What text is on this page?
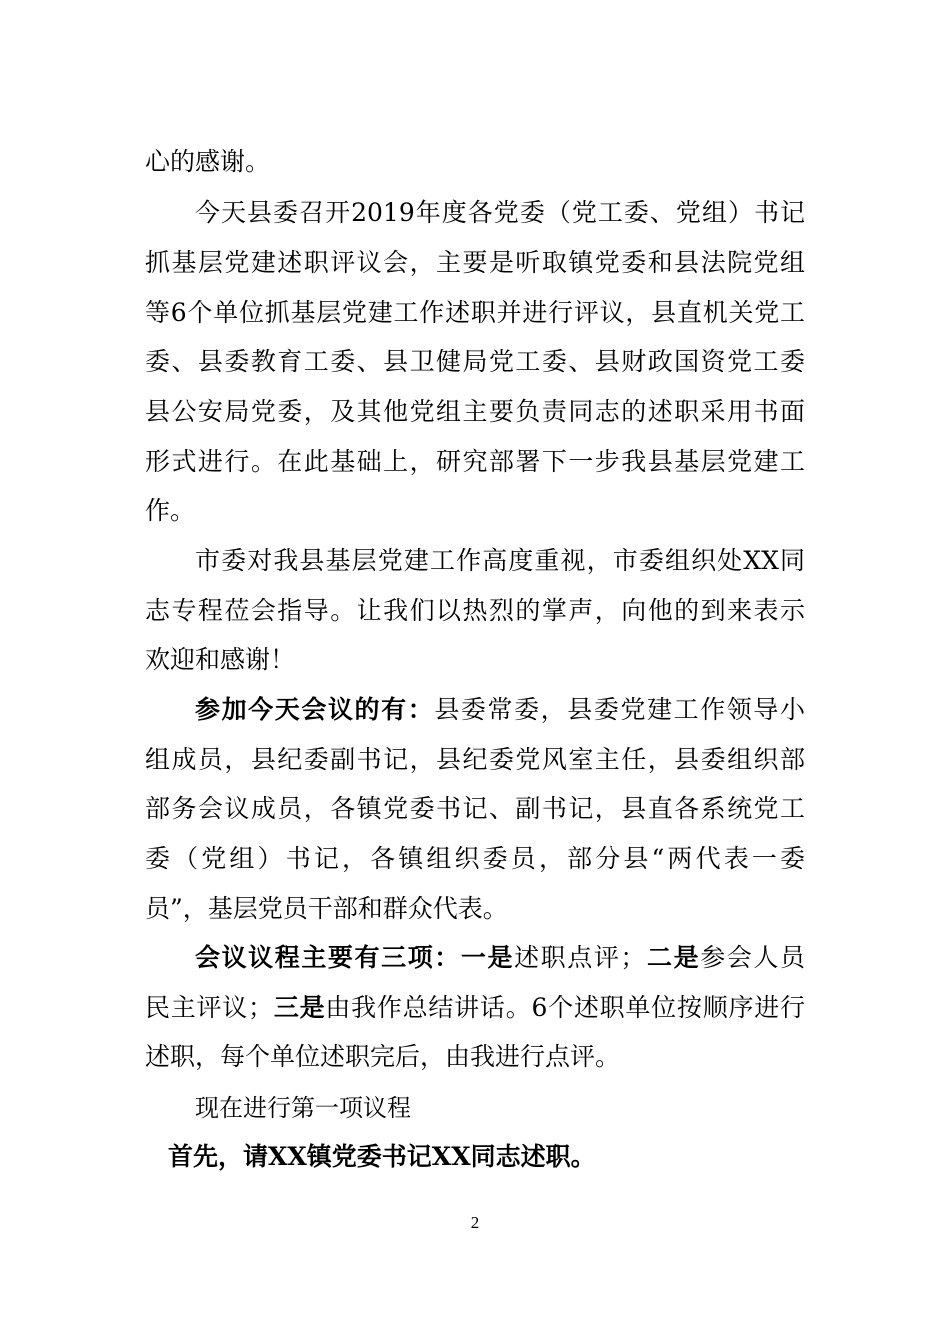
心的感谢。
今天县委召开2019年度各党委（党工委、党组）书记
抓基层党建述职评议会，主要是听取镇党委和县法院党组
等6个单位抓基层党建工作述职并进行评议，县直机关党工
委、县委教育工委、县卫健局党工委、县财政国资党工委
县公安局党委，及其他党组主要负责同志的述职采用书面
形式进行。在此基础上，研究部署下一步我县基层党建工
作。
市委对我县基层党建工作高度重视，市委组织处XX同
志专程莅会指导。让我们以热烈的掌声，向他的到来表示
欢迎和感谢！
参加今天会议的有：县委常委，县委党建工作领导小
组成员，县纪委副书记，县纪委党风室主任，县委组织部
部务会议成员，各镇党委书记、副书记，县直各系统党工
委（党组）书记，各镇组织委员，部分县“两代表一委
员”，基层党员干部和群众代表。
会议议程主要有三项：一是述职点评；二是参会人员
民主评议；三是由我作总结讲话。6个述职单位按顺序进行
述职，每个单位述职完后，由我进行点评。
现在进行第一项议程
首先，请XX镇党委书记XX同志述职。
2
